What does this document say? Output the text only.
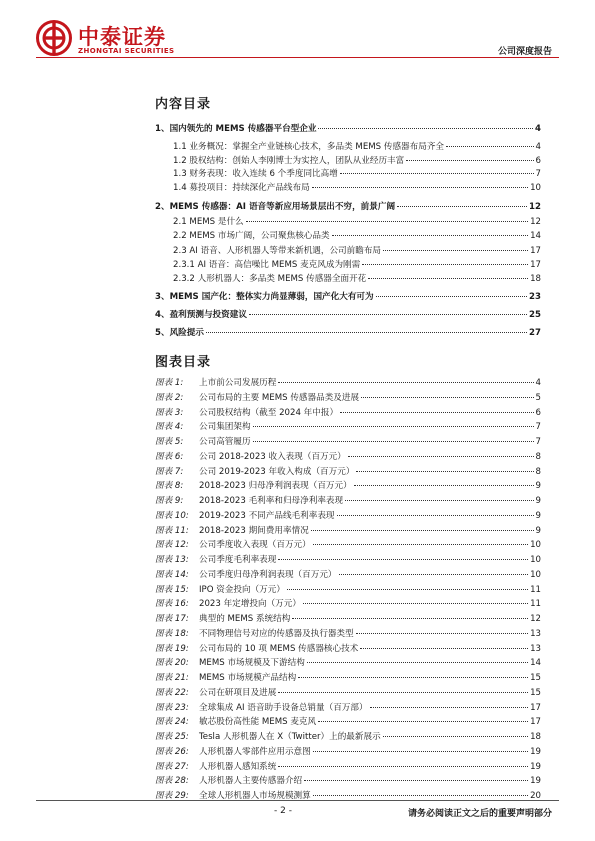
中泰证券
ZHONGTAI SECURITIES	公司深度报告
内容目录
1、国内领先的 MEMS 传感器平台型企业	4
1.1 业务概况：掌握全产业链核心技术，多品类 MEMS 传感器布局齐全	4
1.2 股权结构：创始人李刚博士为实控人，团队从业经历丰富	6
1.3 财务表现：收入连续 6 个季度同比高增	7
1.4 募投项目：持续深化产品线布局	10
2、MEMS 传感器：AI 语音等新应用场景层出不穷，前景广阔	12
2.1 MEMS 是什么	12
2.2 MEMS 市场广阔，公司聚焦核心品类	14
2.3 AI 语音、人形机器人等带来新机遇，公司前瞻布局	17
2.3.1 AI 语音：高信噪比 MEMS 麦克风成为刚需	17
2.3.2 人形机器人：多品类 MEMS 传感器全面开花	18
3、MEMS 国产化：整体实力尚显薄弱，国产化大有可为	23
4、盈利预测与投资建议	25
5、风险提示	27
图表目录
图表 1: 上市前公司发展历程	4
图表 2: 公司布局的主要 MEMS 传感器品类及进展	5
图表 3: 公司股权结构（截至 2024 年中报）	6
图表 4: 公司集团架构	7
图表 5: 公司高管履历	7
图表 6: 公司 2018-2023 收入表现（百万元）	8
图表 7: 公司 2019-2023 年收入构成（百万元）	8
图表 8: 2018-2023 归母净利润表现（百万元）	9
图表 9: 2018-2023 毛利率和归母净利率表现	9
图表 10: 2019-2023 不同产品线毛利率表现	9
图表 11: 2018-2023 期间费用率情况	9
图表 12: 公司季度收入表现（百万元）	10
图表 13: 公司季度毛利率表现	10
图表 14: 公司季度归母净利润表现（百万元）	10
图表 15: IPO 资金投向（万元）	11
图表 16: 2023 年定增投向（万元）	11
图表 17: 典型的 MEMS 系统结构	12
图表 18: 不同物理信号对应的传感器及执行器类型	13
图表 19: 公司布局的 10 项 MEMS 传感器核心技术	13
图表 20: MEMS 市场规模及下游结构	14
图表 21: MEMS 市场规模产品结构	15
图表 22: 公司在研项目及进展	15
图表 23: 全球集成 AI 语音助手设备总销量（百万部）	17
图表 24: 敏芯股份高性能 MEMS 麦克风	17
图表 25: Tesla 人形机器人在 X（Twitter）上的最新展示	18
图表 26: 人形机器人零部件应用示意图	19
图表 27: 人形机器人感知系统	19
图表 28: 人形机器人主要传感器介绍	19
图表 29: 全球人形机器人市场规模测算	20
- 2 -	请务必阅读正文之后的重要声明部分
